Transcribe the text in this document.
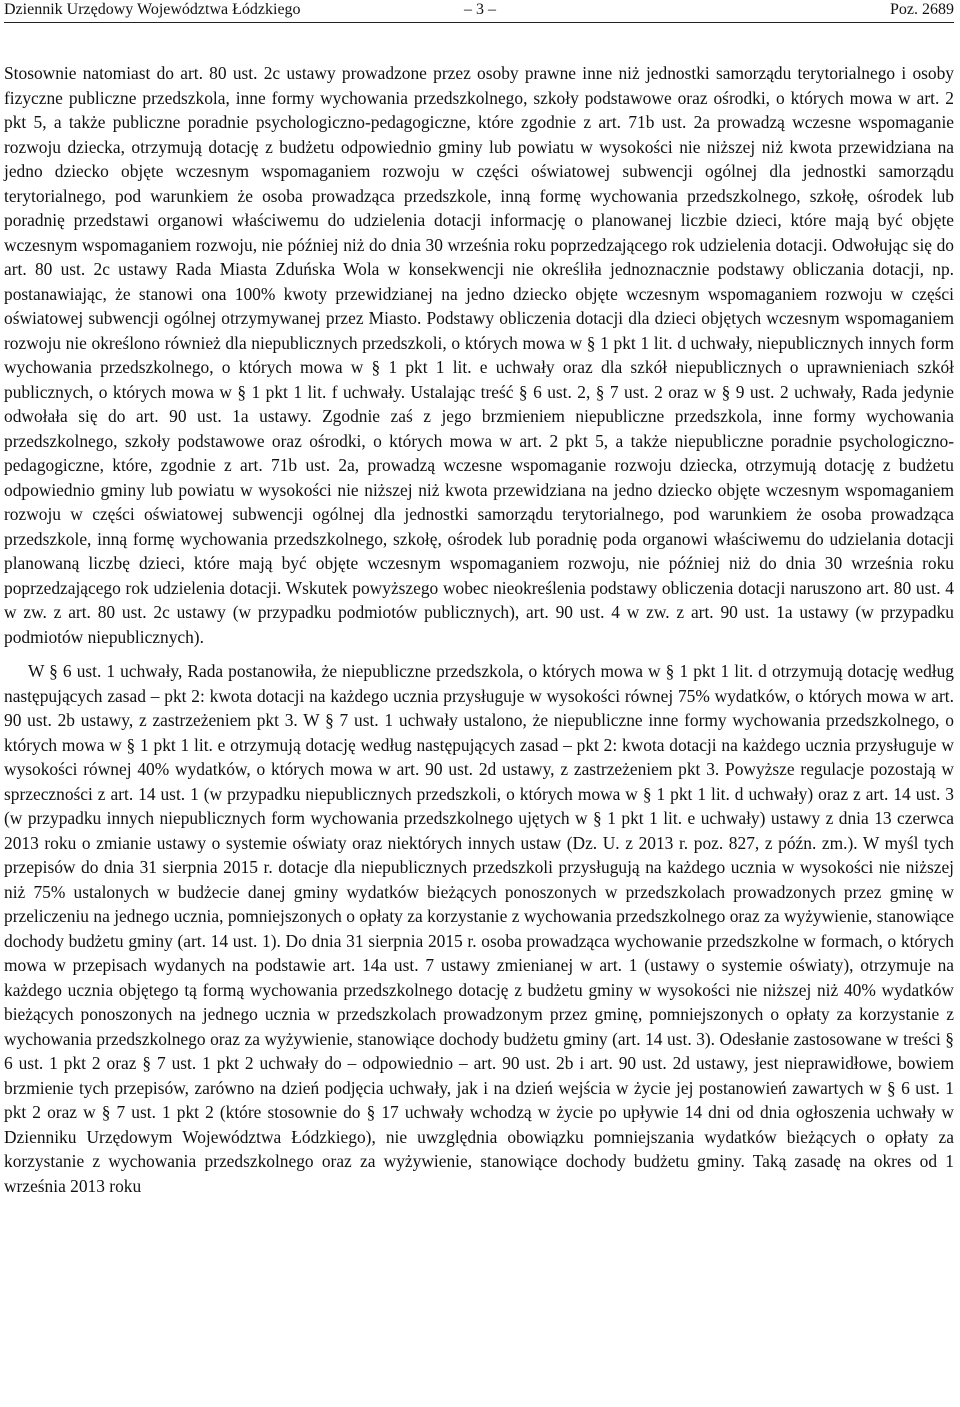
Dziennik Urzędowy Województwa Łódzkiego	– 3 –	Poz. 2689

Stosownie natomiast do art. 80 ust. 2c ustawy prowadzone przez osoby prawne inne niż jednostki samorządu terytorialnego i osoby fizyczne publiczne przedszkola, inne formy wychowania przedszkolnego, szkoły podstawowe oraz ośrodki, o których mowa w art. 2 pkt 5, a także publiczne poradnie psychologiczno-pedagogiczne, które zgodnie z art. 71b ust. 2a prowadzą wczesne wspomaganie rozwoju dziecka, otrzymują dotację z budżetu odpowiednio gminy lub powiatu w wysokości nie niższej niż kwota przewidziana na jedno dziecko objęte wczesnym wspomaganiem rozwoju w części oświatowej subwencji ogólnej dla jednostki samorządu terytorialnego, pod warunkiem że osoba prowadząca przedszkole, inną formę wychowania przedszkolnego, szkołę, ośrodek lub poradnię przedstawi organowi właściwemu do udzielenia dotacji informację o planowanej liczbie dzieci, które mają być objęte wczesnym wspomaganiem rozwoju, nie później niż do dnia 30 września roku poprzedzającego rok udzielenia dotacji. Odwołując się do art. 80 ust. 2c ustawy Rada Miasta Zduńska Wola w konsekwencji nie określiła jednoznacznie podstawy obliczania dotacji, np. postanawiając, że stanowi ona 100% kwoty przewidzianej na jedno dziecko objęte wczesnym wspomaganiem rozwoju w części oświatowej subwencji ogólnej otrzymywanej przez Miasto. Podstawy obliczenia dotacji dla dzieci objętych wczesnym wspomaganiem rozwoju nie określono również dla niepublicznych przedszkoli, o których mowa w § 1 pkt 1 lit. d uchwały, niepublicznych innych form wychowania przedszkolnego, o których mowa w § 1 pkt 1 lit. e uchwały oraz dla szkół niepublicznych o uprawnieniach szkół publicznych, o których mowa w § 1 pkt 1 lit. f uchwały. Ustalając treść § 6 ust. 2, § 7 ust. 2 oraz w § 9 ust. 2 uchwały, Rada jedynie odwołała się do art. 90 ust. 1a ustawy. Zgodnie zaś z jego brzmieniem niepubliczne przedszkola, inne formy wychowania przedszkolnego, szkoły podstawowe oraz ośrodki, o których mowa w art. 2 pkt 5, a także niepubliczne poradnie psychologiczno-pedagogiczne, które, zgodnie z art. 71b ust. 2a, prowadzą wczesne wspomaganie rozwoju dziecka, otrzymują dotację z budżetu odpowiednio gminy lub powiatu w wysokości nie niższej niż kwota przewidziana na jedno dziecko objęte wczesnym wspomaganiem rozwoju w części oświatowej subwencji ogólnej dla jednostki samorządu terytorialnego, pod warunkiem że osoba prowadząca przedszkole, inną formę wychowania przedszkolnego, szkołę, ośrodek lub poradnię poda organowi właściwemu do udzielania dotacji planowaną liczbę dzieci, które mają być objęte wczesnym wspomaganiem rozwoju, nie później niż do dnia 30 września roku poprzedzającego rok udzielenia dotacji. Wskutek powyższego wobec nieokreślenia podstawy obliczenia dotacji naruszono art. 80 ust. 4 w zw. z art. 80 ust. 2c ustawy (w przypadku podmiotów publicznych), art. 90 ust. 4 w zw. z art. 90 ust. 1a ustawy (w przypadku podmiotów niepublicznych).

W § 6 ust. 1 uchwały, Rada postanowiła, że niepubliczne przedszkola, o których mowa w § 1 pkt 1 lit. d otrzymują dotację według następujących zasad – pkt 2: kwota dotacji na każdego ucznia przysługuje w wysokości równej 75% wydatków, o których mowa w art. 90 ust. 2b ustawy, z zastrzeżeniem pkt 3. W § 7 ust. 1 uchwały ustalono, że niepubliczne inne formy wychowania przedszkolnego, o których mowa w § 1 pkt 1 lit. e otrzymują dotację według następujących zasad – pkt 2: kwota dotacji na każdego ucznia przysługuje w wysokości równej 40% wydatków, o których mowa w art. 90 ust. 2d ustawy, z zastrzeżeniem pkt 3. Powyższe regulacje pozostają w sprzeczności z art. 14 ust. 1 (w przypadku niepublicznych przedszkoli, o których mowa w § 1 pkt 1 lit. d uchwały) oraz z art. 14 ust. 3 (w przypadku innych niepublicznych form wychowania przedszkolnego ujętych w § 1 pkt 1 lit. e uchwały) ustawy z dnia 13 czerwca 2013 roku o zmianie ustawy o systemie oświaty oraz niektórych innych ustaw (Dz. U. z 2013 r. poz. 827, z późn. zm.). W myśl tych przepisów do dnia 31 sierpnia 2015 r. dotacje dla niepublicznych przedszkoli przysługują na każdego ucznia w wysokości nie niższej niż 75% ustalonych w budżecie danej gminy wydatków bieżących ponoszonych w przedszkolach prowadzonych przez gminę w przeliczeniu na jednego ucznia, pomniejszonych o opłaty za korzystanie z wychowania przedszkolnego oraz za wyżywienie, stanowiące dochody budżetu gminy (art. 14 ust. 1). Do dnia 31 sierpnia 2015 r. osoba prowadząca wychowanie przedszkolne w formach, o których mowa w przepisach wydanych na podstawie art. 14a ust. 7 ustawy zmienianej w art. 1 (ustawy o systemie oświaty), otrzymuje na każdego ucznia objętego tą formą wychowania przedszkolnego dotację z budżetu gminy w wysokości nie niższej niż 40% wydatków bieżących ponoszonych na jednego ucznia w przedszkolach prowadzonym przez gminę, pomniejszonych o opłaty za korzystanie z wychowania przedszkolnego oraz za wyżywienie, stanowiące dochody budżetu gminy (art. 14 ust. 3). Odesłanie zastosowane w treści § 6 ust. 1 pkt 2 oraz § 7 ust. 1 pkt 2 uchwały do – odpowiednio – art. 90 ust. 2b i art. 90 ust. 2d ustawy, jest nieprawidłowe, bowiem brzmienie tych przepisów, zarówno na dzień podjęcia uchwały, jak i na dzień wejścia w życie jej postanowień zawartych w § 6 ust. 1 pkt 2 oraz w § 7 ust. 1 pkt 2 (które stosownie do § 17 uchwały wchodzą w życie po upływie 14 dni od dnia ogłoszenia uchwały w Dzienniku Urzędowym Województwa Łódzkiego), nie uwzględnia obowiązku pomniejszania wydatków bieżących o opłaty za korzystanie z wychowania przedszkolnego oraz za wyżywienie, stanowiące dochody budżetu gminy. Taką zasadę na okres od 1 września 2013 roku
